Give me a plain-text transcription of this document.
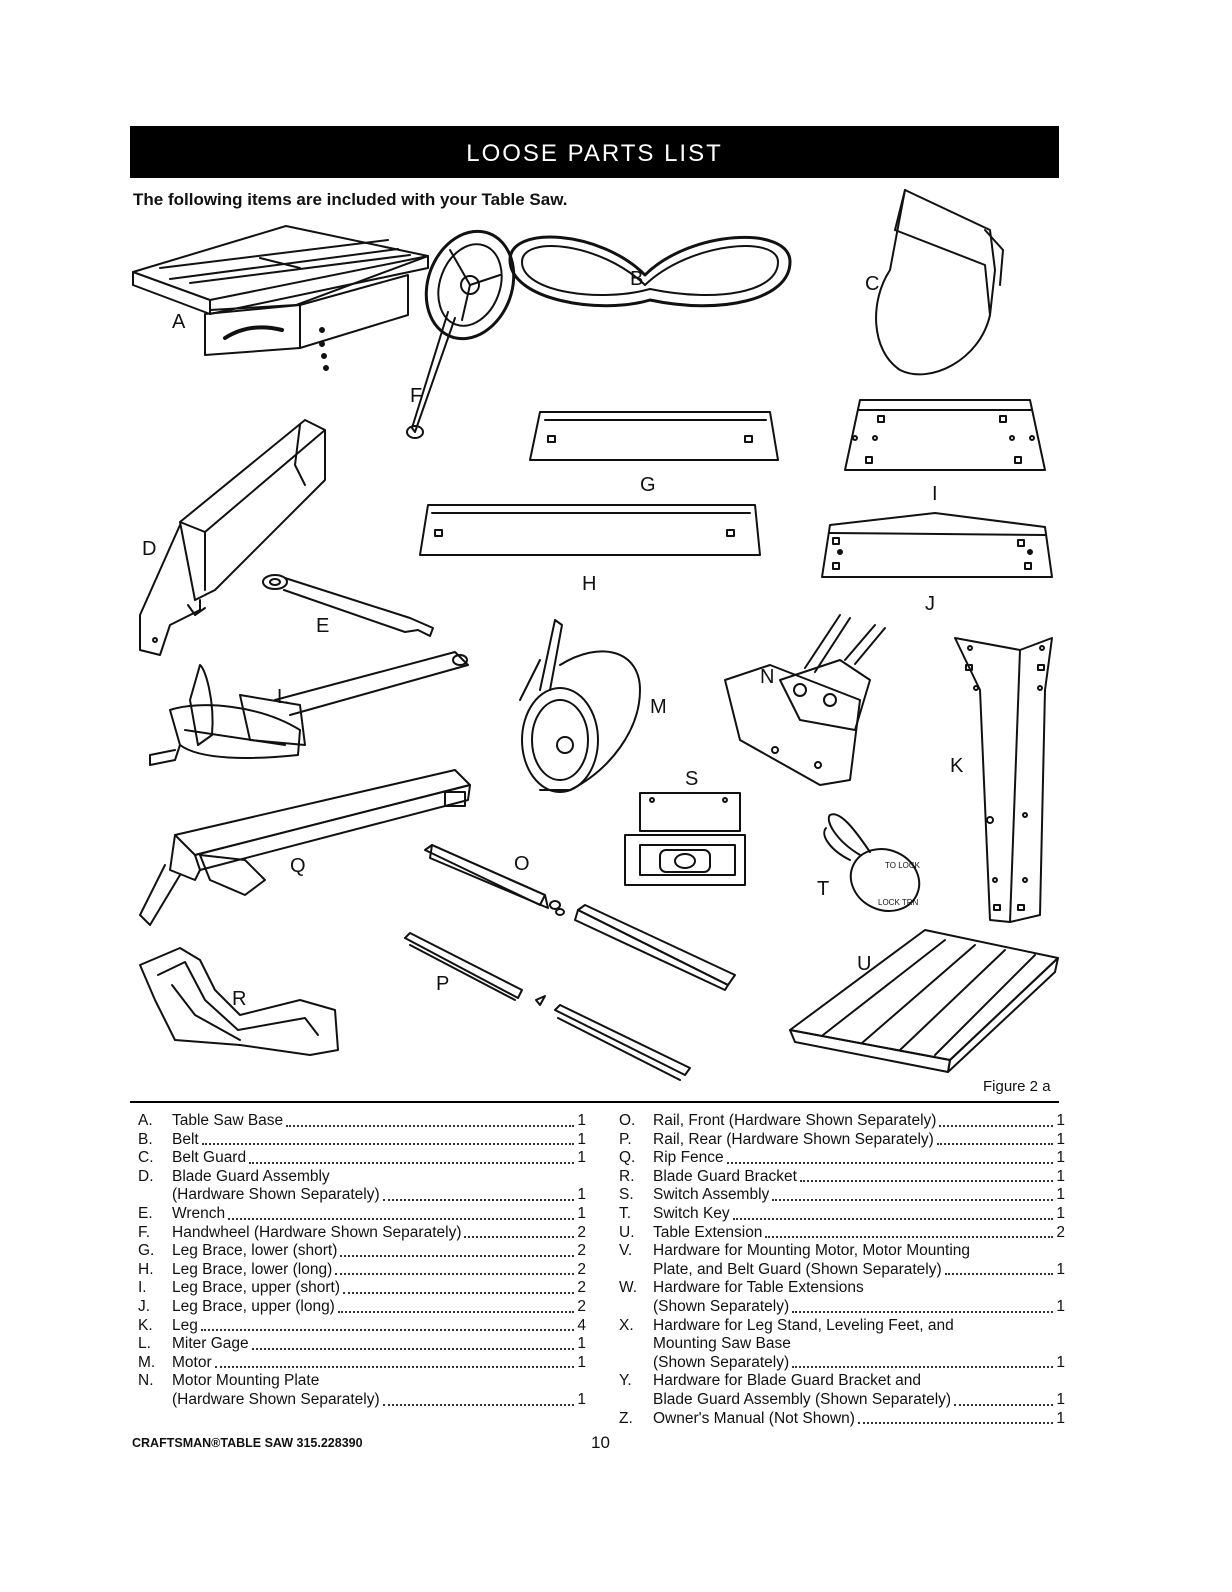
LOOSE PARTS LIST
The following items are included with your Table Saw.
TO LOCK
LOCK TRN
A
B	C
D
E
F
G
H
I
J
K
L	M
N
O
P
Q
R
S
T
U
Figure 2 a
A.	Table Saw Base	1
B.	Belt	1
C.	Belt Guard	1
D.	Blade Guard Assembly
(Hardware Shown Separately)	1
E.	Wrench	1
F.	Handwheel (Hardware Shown Separately)	2
G.	Leg Brace, lower (short)	2
H.	Leg Brace, lower (long)	2
I.	Leg Brace, upper (short)	2
J.	Leg Brace, upper (long)	2
K.	Leg	4
L.	Miter Gage	1
M.	Motor	1
N.	Motor Mounting Plate
(Hardware Shown Separately)	1
O.	Rail, Front (Hardware Shown Separately)	1
P.	Rail, Rear (Hardware Shown Separately)	1
Q.	Rip Fence	1
R.	Blade Guard Bracket	1
S.	Switch Assembly	1
T.	Switch Key	1
U.	Table Extension	2
V.	Hardware for Mounting Motor, Motor Mounting
Plate, and Belt Guard (Shown Separately)	1
W.	Hardware for Table Extensions
(Shown Separately)	1
X.	Hardware for Leg Stand, Leveling Feet, and
Mounting Saw Base
(Shown Separately)	1
Y.	Hardware for Blade Guard Bracket and
Blade Guard Assembly (Shown Separately)	1
Z.	Owner's Manual (Not Shown)	1
CRAFTSMAN®TABLE SAW 315.228390	10
